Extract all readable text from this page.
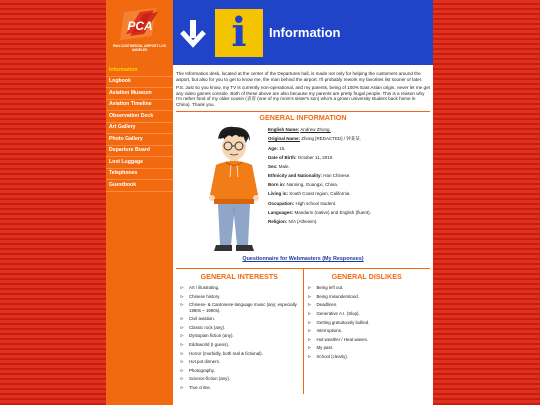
PCA
PAN-CONTINENTAL AIRPORT LOS ANGELES
Information
Logbook
Aviation Museum
Aviation Timeline
Observation Deck
Art Gallery
Photo Gallery
Departure Board
Lost Luggage
Telephones
Guestbook
i	Information

The Information desk, located at the center of the Departures hall, is made not only for helping the customers around the airport, but also for you to get to know me, the man behind the airport. I'll probably rework my favorites list sooner or later.

P.S. Just so you know, my TV is currently non-operational, and my parents, being of 100% East Asian origin, never let me get any video games console. Both of these above are also because my parents are pretty frugal people. This is a reason why I'm rather fond of my older cousin (表哥 (one of my mom's sister's son) who's a grown university student back home in China). Thank you.

GENERAL INFORMATION
English Name: Andrew Zhong.
Original Name: Zhong [REDACTED] / 钟某某.
Age: 15.
Date of Birth: October 11, 2010.
Sex: Male.
Ethnicity and Nationality: Han Chinese.
Born in: Nanning, Guangxi, China.
Living in: South Coast region, California.
Occupation: High school student.
Languages: Mandarin (native) and English (fluent).
Religion: N/A (Atheism).
Questionnaire for Webmasters (My Responses)
GENERAL INTERESTS
⊳	Art / illustrating.
⊳	Chinese history.
⊳	Chinese- & Cantonese-language music (any; especially 1980s ~ 1990s).
⊳	Civil aviation.
⊳	Classic rock (any).
⊳	Dystopian fiction (any).
⊳	Eddsworld (I guess).
⊳	Horror (morbidly, both real & fictional).
⊳	Hot pot dinners.
⊳	Photography.
⊳	Science-fiction (any).
⊳	True crime.
GENERAL DISLIKES
⊳	Being left out.
⊳	Being misunderstood.
⊳	Deadlines.
⊳	Generative A.I. (Slop).
⊳	Getting gratuitously bullied.
⊳	Interruptions.
⊳	Hot weather / Heat waves.
⊳	My past.
⊳	School (clearly).
